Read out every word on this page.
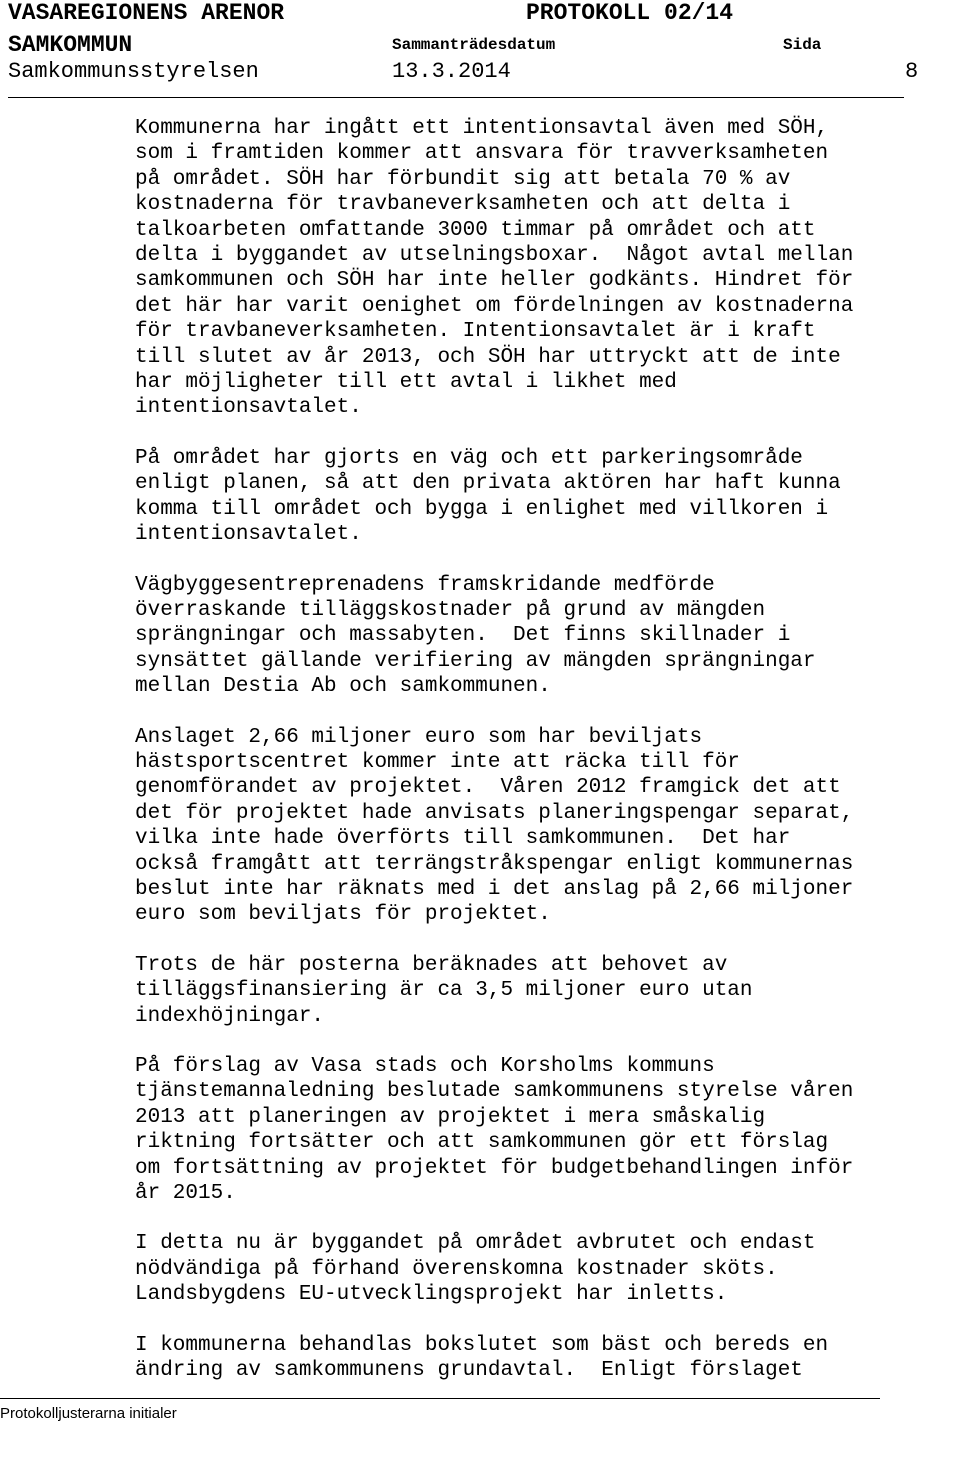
VASAREGIONENS ARENOR	PROTOKOLL 02/14
SAMKOMMUN	Sammanträdesdatum	Sida
Samkommunsstyrelsen	13.3.2014	8

Kommunerna har ingått ett intentionsavtal även med SÖH,
som i framtiden kommer att ansvara för travverksamheten
på området. SÖH har förbundit sig att betala 70 % av
kostnaderna för travbaneverksamheten och att delta i
talkoarbeten omfattande 3000 timmar på området och att
delta i byggandet av utselningsboxar.  Något avtal mellan
samkommunen och SÖH har inte heller godkänts. Hindret för
det här har varit oenighet om fördelningen av kostnaderna
för travbaneverksamheten. Intentionsavtalet är i kraft
till slutet av år 2013, och SÖH har uttryckt att de inte
har möjligheter till ett avtal i likhet med
intentionsavtalet.

På området har gjorts en väg och ett parkeringsområde
enligt planen, så att den privata aktören har haft kunna
komma till området och bygga i enlighet med villkoren i
intentionsavtalet.

Vägbyggesentreprenadens framskridande medförde
överraskande tilläggskostnader på grund av mängden
sprängningar och massabyten.  Det finns skillnader i
synsättet gällande verifiering av mängden sprängningar
mellan Destia Ab och samkommunen.

Anslaget 2,66 miljoner euro som har beviljats
hästsportscentret kommer inte att räcka till för
genomförandet av projektet.  Våren 2012 framgick det att
det för projektet hade anvisats planeringspengar separat,
vilka inte hade överförts till samkommunen.  Det har
också framgått att terrängstråkspengar enligt kommunernas
beslut inte har räknats med i det anslag på 2,66 miljoner
euro som beviljats för projektet.

Trots de här posterna beräknades att behovet av
tilläggsfinansiering är ca 3,5 miljoner euro utan
indexhöjningar.

På förslag av Vasa stads och Korsholms kommuns
tjänstemannaledning beslutade samkommunens styrelse våren
2013 att planeringen av projektet i mera småskalig
riktning fortsätter och att samkommunen gör ett förslag
om fortsättning av projektet för budgetbehandlingen inför
år 2015.

I detta nu är byggandet på området avbrutet och endast
nödvändiga på förhand överenskomna kostnader sköts.
Landsbygdens EU-utvecklingsprojekt har inletts.

I kommunerna behandlas bokslutet som bäst och bereds en
ändring av samkommunens grundavtal.  Enligt förslaget

Protokolljusterarna initialer
